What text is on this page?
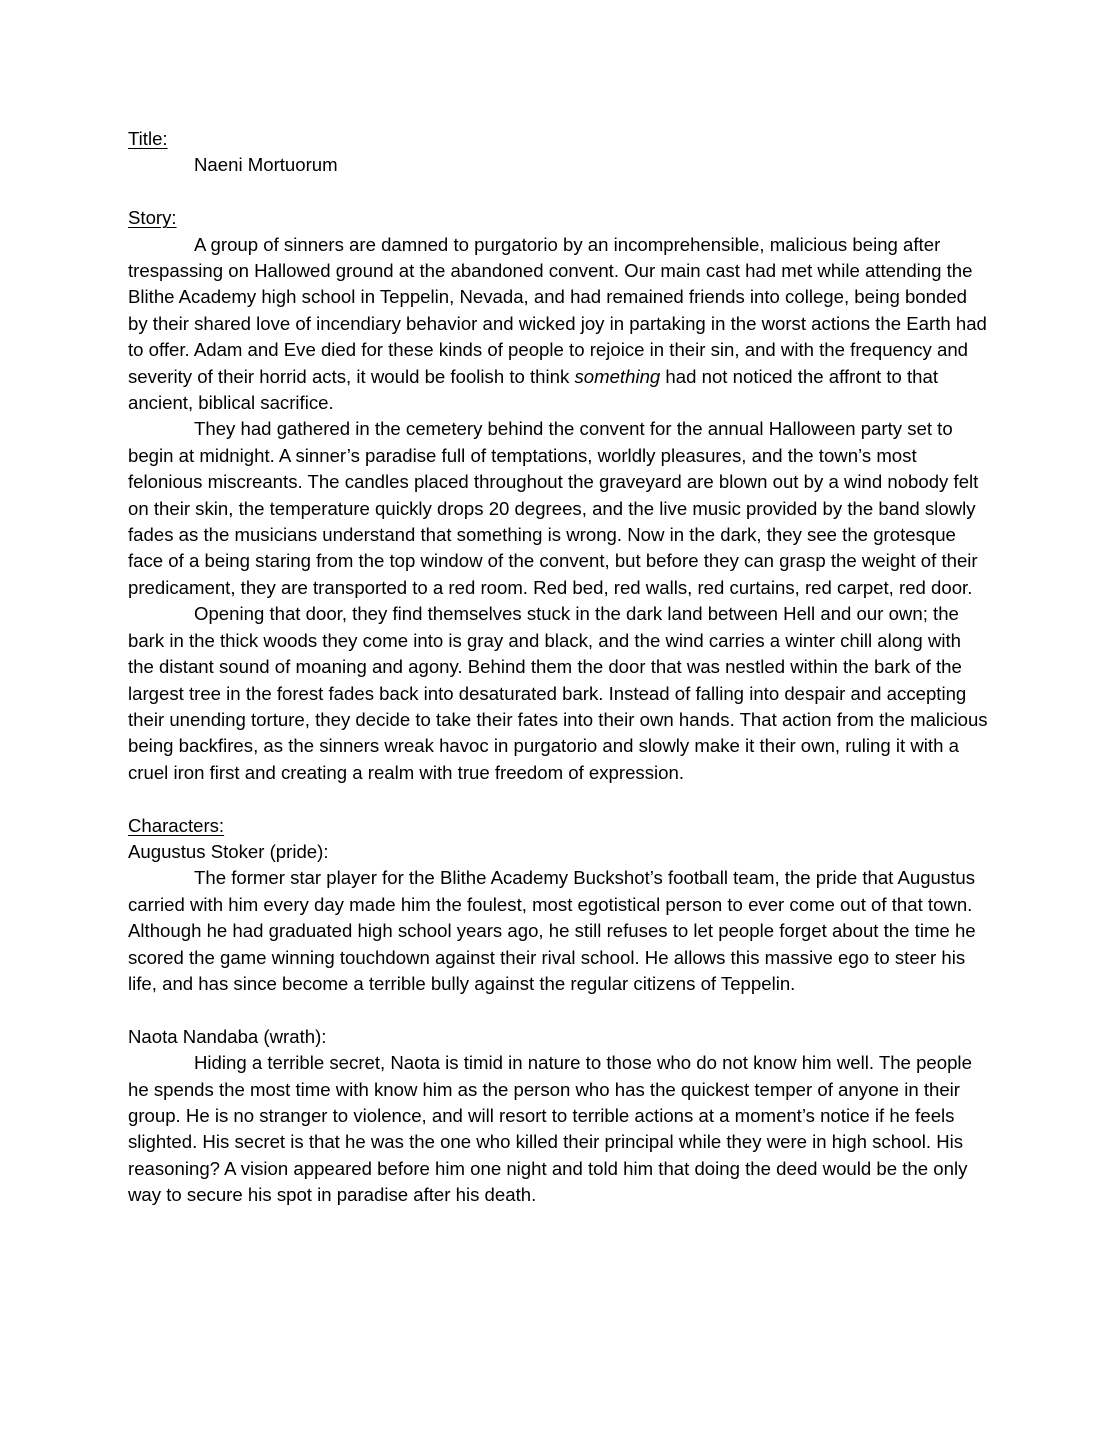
Title:
Naeni Mortuorum
Story:

A group of sinners are damned to purgatorio by an incomprehensible, malicious being after trespassing on Hallowed ground at the abandoned convent. Our main cast had met while attending the Blithe Academy high school in Teppelin, Nevada, and had remained friends into college, being bonded by their shared love of incendiary behavior and wicked joy in partaking in the worst actions the Earth had to offer. Adam and Eve died for these kinds of people to rejoice in their sin, and with the frequency and severity of their horrid acts, it would be foolish to think something had not noticed the affront to that ancient, biblical sacrifice.

They had gathered in the cemetery behind the convent for the annual Halloween party set to begin at midnight. A sinner’s paradise full of temptations, worldly pleasures, and the town’s most felonious miscreants. The candles placed throughout the graveyard are blown out by a wind nobody felt on their skin, the temperature quickly drops 20 degrees, and the live music provided by the band slowly fades as the musicians understand that something is wrong. Now in the dark, they see the grotesque face of a being staring from the top window of the convent, but before they can grasp the weight of their predicament, they are transported to a red room. Red bed, red walls, red curtains, red carpet, red door.

Opening that door, they find themselves stuck in the dark land between Hell and our own; the bark in the thick woods they come into is gray and black, and the wind carries a winter chill along with the distant sound of moaning and agony. Behind them the door that was nestled within the bark of the largest tree in the forest fades back into desaturated bark. Instead of falling into despair and accepting their unending torture, they decide to take their fates into their own hands. That action from the malicious being backfires, as the sinners wreak havoc in purgatorio and slowly make it their own, ruling it with a cruel iron first and creating a realm with true freedom of expression.

Characters:
Augustus Stoker (pride):

The former star player for the Blithe Academy Buckshot’s football team, the pride that Augustus carried with him every day made him the foulest, most egotistical person to ever come out of that town. Although he had graduated high school years ago, he still refuses to let people forget about the time he scored the game winning touchdown against their rival school. He allows this massive ego to steer his life, and has since become a terrible bully against the regular citizens of Teppelin.

Naota Nandaba (wrath):

Hiding a terrible secret, Naota is timid in nature to those who do not know him well. The people he spends the most time with know him as the person who has the quickest temper of anyone in their group. He is no stranger to violence, and will resort to terrible actions at a moment’s notice if he feels slighted. His secret is that he was the one who killed their principal while they were in high school. His reasoning? A vision appeared before him one night and told him that doing the deed would be the only way to secure his spot in paradise after his death.
